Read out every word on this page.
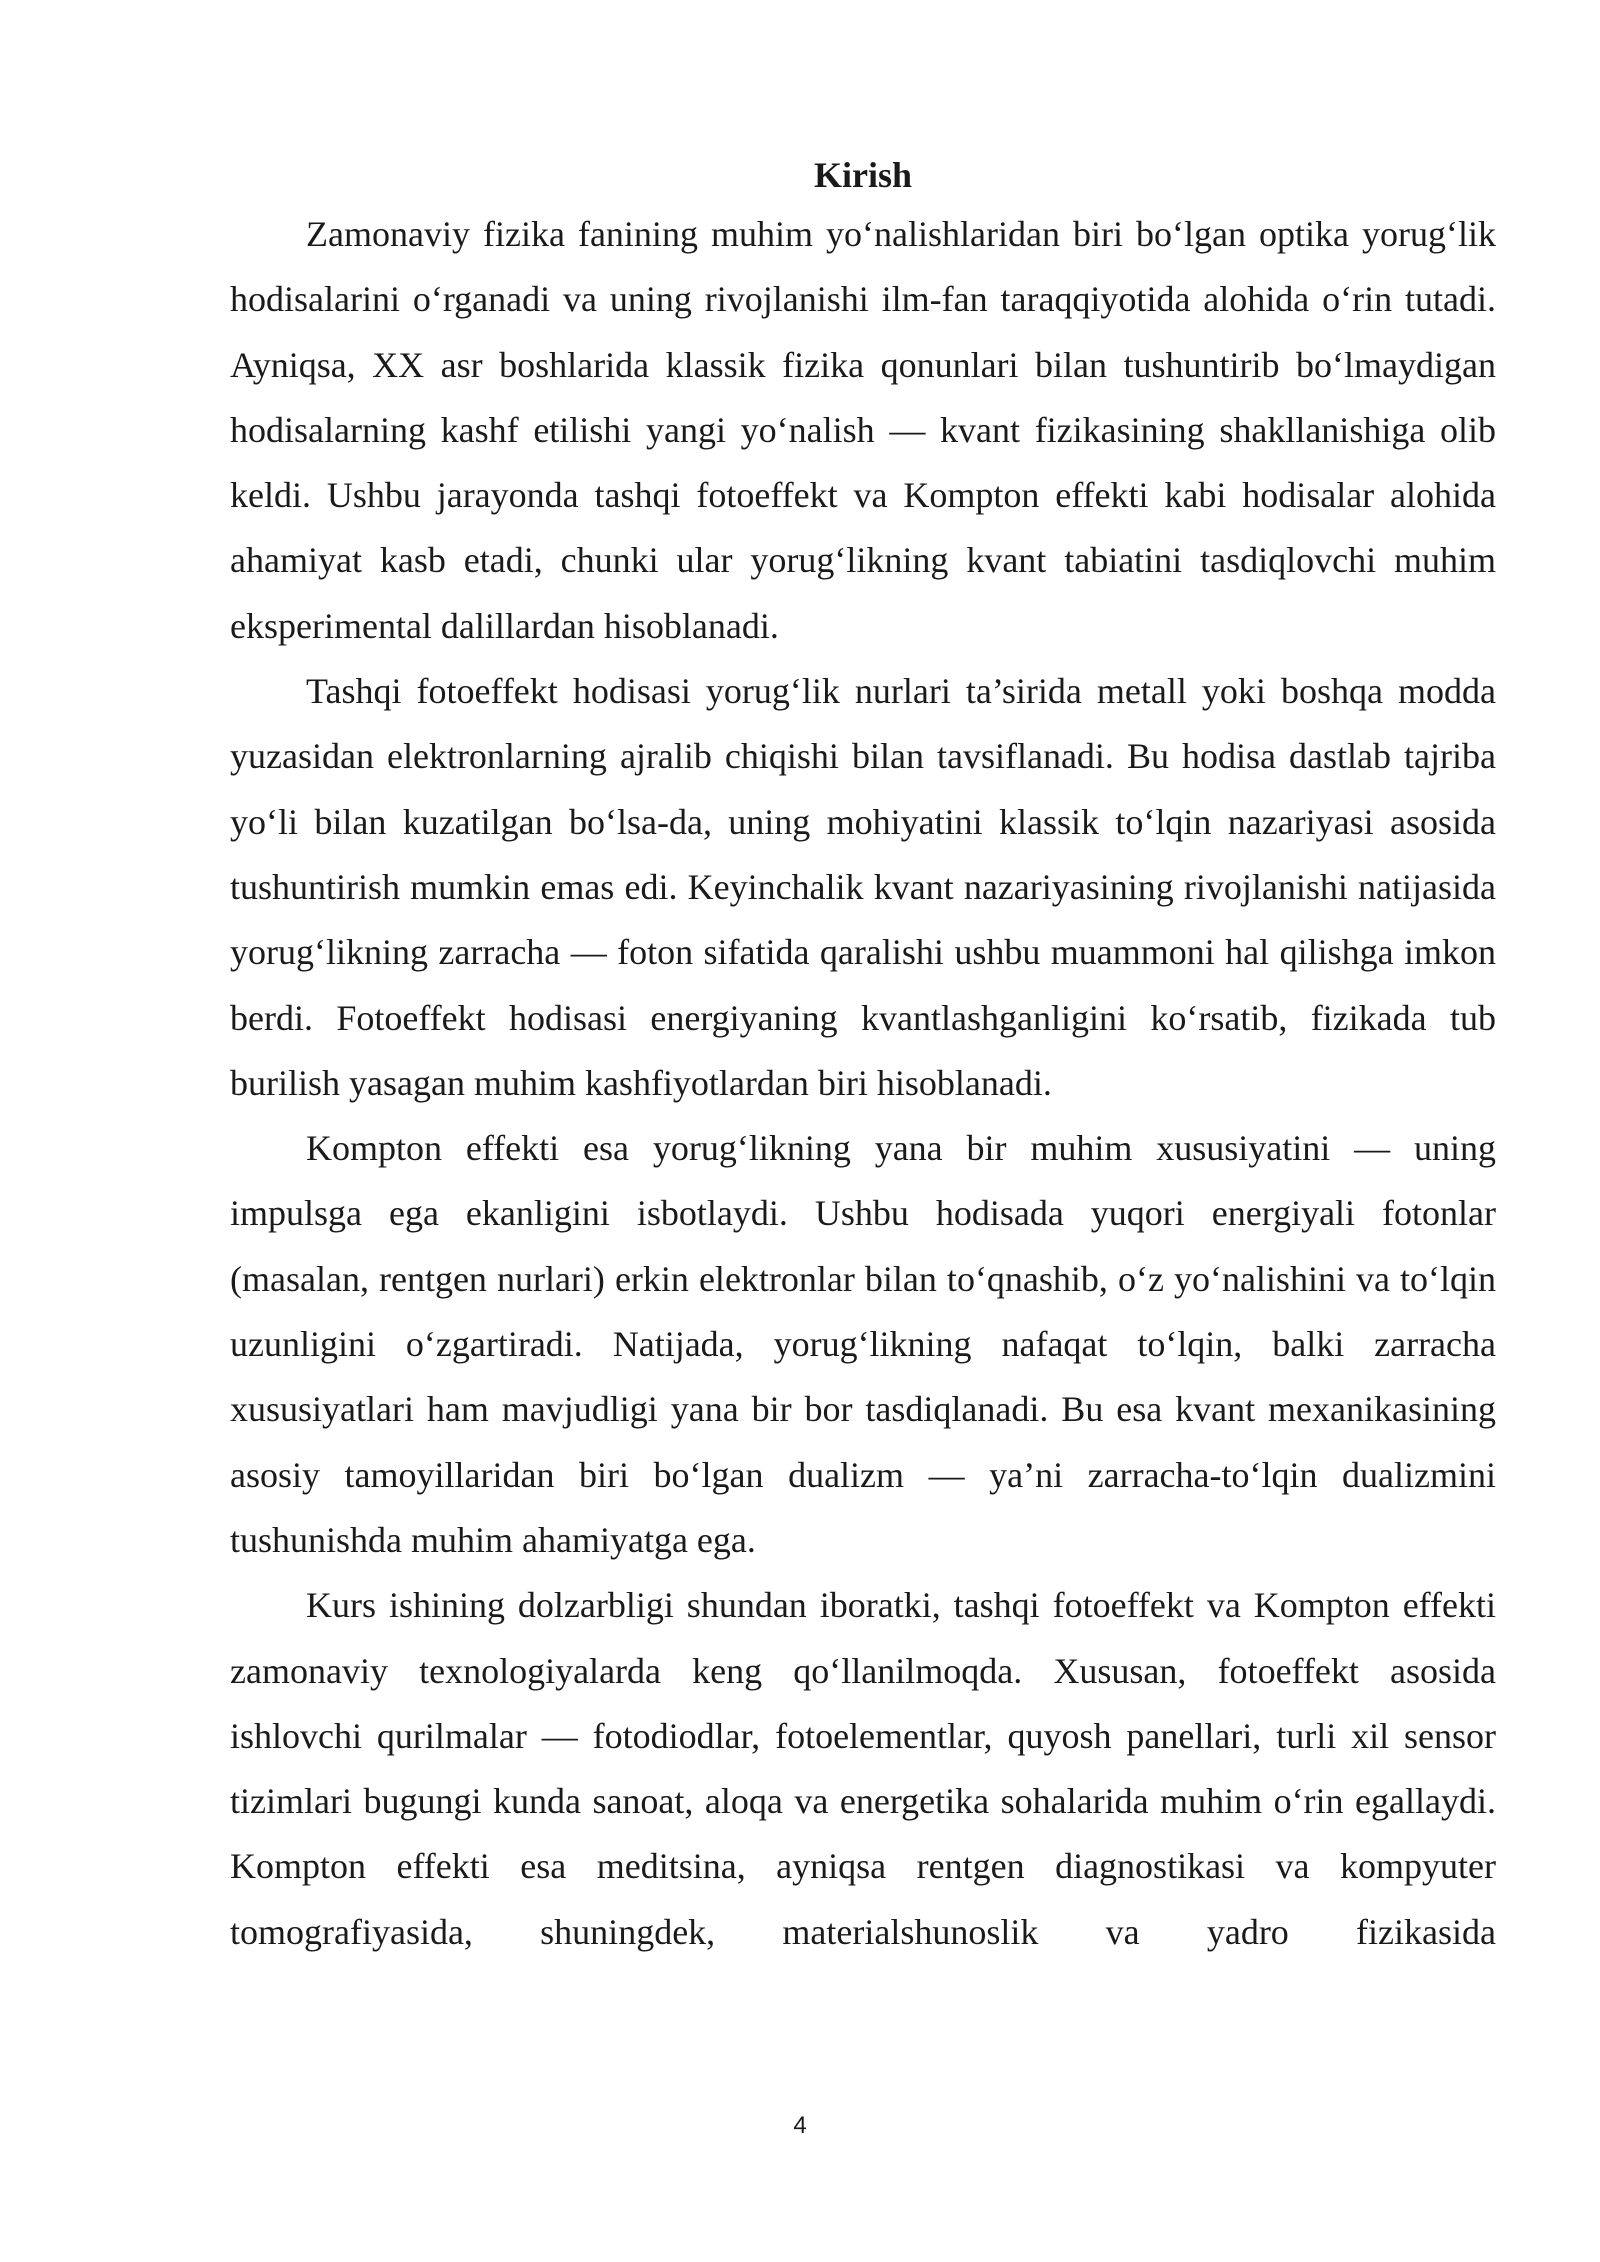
Kirish

Zamonaviy fizika fanining muhim yoʻnalishlaridan biri boʻlgan optika yorugʻlik hodisalarini oʻrganadi va uning rivojlanishi ilm-fan taraqqiyotida alohida oʻrin tutadi. Ayniqsa, XX asr boshlarida klassik fizika qonunlari bilan tushuntirib boʻlmaydigan hodisalarning kashf etilishi yangi yoʻnalish — kvant fizikasining shakllanishiga olib keldi. Ushbu jarayonda tashqi fotoeffekt va Kompton effekti kabi hodisalar alohida ahamiyat kasb etadi, chunki ular yorugʻlikning kvant tabiatini tasdiqlovchi muhim eksperimental dalillardan hisoblanadi.

Tashqi fotoeffekt hodisasi yorugʻlik nurlari ta’sirida metall yoki boshqa modda yuzasidan elektronlarning ajralib chiqishi bilan tavsiflanadi. Bu hodisa dastlab tajriba yoʻli bilan kuzatilgan boʻlsa-da, uning mohiyatini klassik toʻlqin nazariyasi asosida tushuntirish mumkin emas edi. Keyinchalik kvant nazariyasining rivojlanishi natijasida yorugʻlikning zarracha — foton sifatida qaralishi ushbu muammoni hal qilishga imkon berdi. Fotoeffekt hodisasi energiyaning kvantlashganligini koʻrsatib, fizikada tub burilish yasagan muhim kashfiyotlardan biri hisoblanadi.

Kompton effekti esa yorugʻlikning yana bir muhim xususiyatini — uning impulsga ega ekanligini isbotlaydi. Ushbu hodisada yuqori energiyali fotonlar (masalan, rentgen nurlari) erkin elektronlar bilan toʻqnashib, oʻz yoʻnalishini va toʻlqin uzunligini oʻzgartiradi. Natijada, yorugʻlikning nafaqat toʻlqin, balki zarracha xususiyatlari ham mavjudligi yana bir bor tasdiqlanadi. Bu esa kvant mexanikasining asosiy tamoyillaridan biri boʻlgan dualizm — ya’ni zarracha-toʻlqin dualizmini tushunishda muhim ahamiyatga ega.

Kurs ishining dolzarbligi shundan iboratki, tashqi fotoeffekt va Kompton effekti zamonaviy texnologiyalarda keng qoʻllanilmoqda. Xususan, fotoeffekt asosida ishlovchi qurilmalar — fotodiodlar, fotoelementlar, quyosh panellari, turli xil sensor tizimlari bugungi kunda sanoat, aloqa va energetika sohalarida muhim oʻrin egallaydi. Kompton effekti esa meditsina, ayniqsa rentgen diagnostikasi va kompyuter tomografiyasida, shuningdek, materialshunoslik va yadro fizikasida

4
